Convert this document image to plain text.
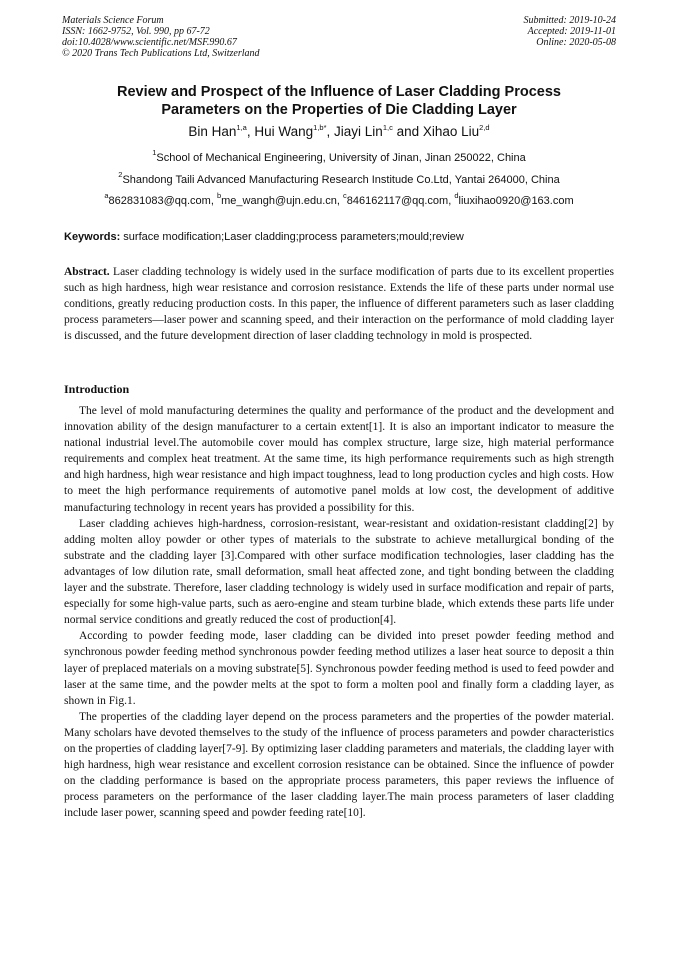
Materials Science Forum
ISSN: 1662-9752, Vol. 990, pp 67-72
doi:10.4028/www.scientific.net/MSF.990.67
© 2020 Trans Tech Publications Ltd, Switzerland
Submitted: 2019-10-24
Accepted: 2019-11-01
Online: 2020-05-08
Review and Prospect of the Influence of Laser Cladding Process
Parameters on the Properties of Die Cladding Layer
Bin Han$^{1,a}$, Hui Wang$^{1,b*}$, Jiayi Lin$^{1,c}$ and Xihao Liu$^{2,d}$
$^1$School of Mechanical Engineering, University of Jinan, Jinan 250022, China
$^2$Shandong Taili Advanced Manufacturing Research Institude Co.Ltd, Yantai 264000, China
$^a$862831083@qq.com, $^b$me_wangh@ujn.edu.cn, $^c$846162117@qq.com, $^d$liuxihao0920@163.com
Keywords: surface modification;Laser cladding;process parameters;mould;review

Abstract. Laser cladding technology is widely used in the surface modification of parts due to its excellent properties such as high hardness, high wear resistance and corrosion resistance. Extends the life of these parts under normal use conditions, greatly reducing production costs. In this paper, the influence of different parameters such as laser cladding process parameters—laser power and scanning speed, and their interaction on the performance of mold cladding layer is discussed, and the future development direction of laser cladding technology in mold is prospected.

Introduction

The level of mold manufacturing determines the quality and performance of the product and the development and innovation ability of the design manufacturer to a certain extent[1]. It is also an important indicator to measure the national industrial level.The automobile cover mould has complex structure, large size, high material performance requirements and complex heat treatment. At the same time, its high performance requirements such as high strength and high hardness, high wear resistance and high impact toughness, lead to long production cycles and high costs. How to meet the high performance requirements of automotive panel molds at low cost, the development of additive manufacturing technology in recent years has provided a possibility for this.

Laser cladding achieves high-hardness, corrosion-resistant, wear-resistant and oxidation-resistant cladding[2] by adding molten alloy powder or other types of materials to the substrate to achieve metallurgical bonding of the substrate and the cladding layer [3].Compared with other surface modification technologies, laser cladding has the advantages of low dilution rate, small deformation, small heat affected zone, and tight bonding between the cladding layer and the substrate. Therefore, laser cladding technology is widely used in surface modification and repair of parts, especially for some high-value parts, such as aero-engine and steam turbine blade, which extends these parts life under normal service conditions and greatly reduced the cost of production[4].

According to powder feeding mode, laser cladding can be divided into preset powder feeding method and synchronous powder feeding method synchronous powder feeding method utilizes a laser heat source to deposit a thin layer of preplaced materials on a moving substrate[5]. Synchronous powder feeding method is used to feed powder and laser at the same time, and the powder melts at the spot to form a molten pool and finally form a cladding layer, as shown in Fig.1.

The properties of the cladding layer depend on the process parameters and the properties of the powder material. Many scholars have devoted themselves to the study of the influence of process parameters and powder characteristics on the properties of cladding layer[7-9]. By optimizing laser cladding parameters and materials, the cladding layer with high hardness, high wear resistance and excellent corrosion resistance can be obtained. Since the influence of powder on the cladding performance is based on the appropriate process parameters, this paper reviews the influence of process parameters on the performance of the laser cladding layer.The main process parameters of laser cladding include laser power, scanning speed and powder feeding rate[10].
